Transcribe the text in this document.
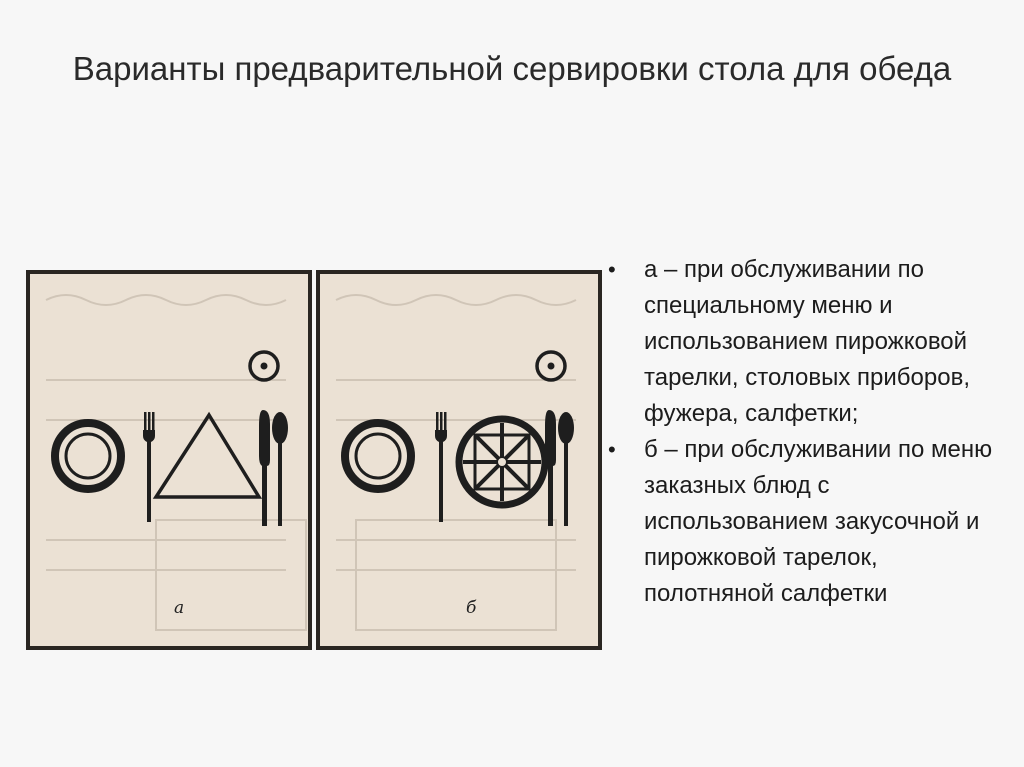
Варианты предварительной сервировки стола для обеда
а	б
• а – при обслуживании по специальному меню и использованием пирожковой тарелки, столовых приборов, фужера, салфетки;
• б – при обслуживании по меню заказных блюд с использованием закусочной и пирожковой тарелок, полотняной салфетки
